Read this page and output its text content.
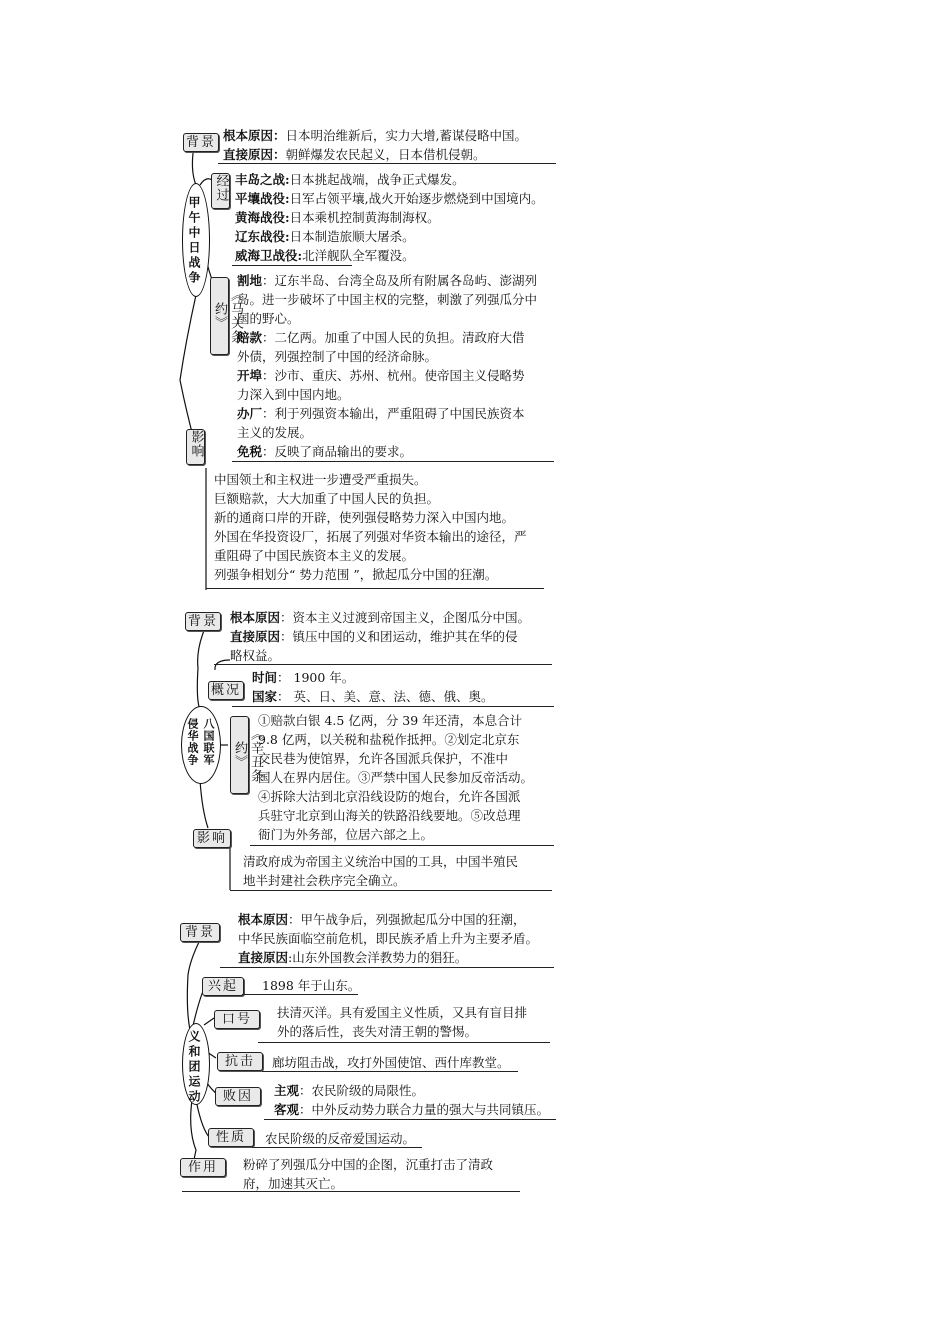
背景 根本原因：日本明治维新后，实力大增,蓄谋侵略中国。
直接原因：朝鲜爆发农民起义，日本借机侵朝。
甲午中日战争
经过 丰岛之战:日本挑起战端，战争正式爆发。
平壤战役:日军占领平壤,战火开始逐步燃烧到中国境内。
黄海战役:日本乘机控制黄海制海权。
辽东战役:日本制造旅顺大屠杀。
威海卫战役:北洋舰队全军覆没。
《马关条约》
割地：辽东半岛、台湾全岛及所有附属各岛屿、澎湖列
岛。进一步破坏了中国主权的完整，刺激了列强瓜分中
国的野心。
赔款：二亿两。加重了中国人民的负担。清政府大借
外债，列强控制了中国的经济命脉。
开埠：沙市、重庆、苏州、杭州。使帝国主义侵略势
力深入到中国内地。
办厂：利于列强资本输出，严重阻碍了中国民族资本
主义的发展。
免税：反映了商品输出的要求。
影响
中国领土和主权进一步遭受严重损失。
巨额赔款，大大加重了中国人民的负担。
新的通商口岸的开辟，使列强侵略势力深入中国内地。
外国在华投资设厂，拓展了列强对华资本输出的途径，严
重阻碍了中国民族资本主义的发展。
列强争相划分“ 势力范围 ”，掀起瓜分中国的狂潮。
背景 根本原因：资本主义过渡到帝国主义，企图瓜分中国。
直接原因：镇压中国的义和团运动，维护其在华的侵
略权益。
八国联军侵华战争
概况
时间： 1900 年。
国家： 英、日、美、意、法、德、俄、奥。
《辛丑条约》
①赔款白银 4.5 亿两，分 39 年还清，本息合计
9.8 亿两，以关税和盐税作抵押。②划定北京东
交民巷为使馆界，允许各国派兵保护，不准中
国人在界内居住。③严禁中国人民参加反帝活动。
④拆除大沽到北京沿线设防的炮台，允许各国派
兵驻守北京到山海关的铁路沿线要地。⑤改总理
衙门为外务部，位居六部之上。
影响
清政府成为帝国主义统治中国的工具，中国半殖民
地半封建社会秩序完全确立。
背景
根本原因：甲午战争后，列强掀起瓜分中国的狂潮，
中华民族面临空前危机，即民族矛盾上升为主要矛盾。
直接原因:山东外国教会洋教势力的猖狂。
义和团运动
兴起	1898 年于山东。
口号	扶清灭洋。具有爱国主义性质，又具有盲目排
外的落后性，丧失对清王朝的警惕。
抗击	廊坊阻击战，攻打外国使馆、西什库教堂。
败因	主观：农民阶级的局限性。
客观：中外反动势力联合力量的强大与共同镇压。
性质	农民阶级的反帝爱国运动。
作用	粉碎了列强瓜分中国的企图，沉重打击了清政
府，加速其灭亡。
